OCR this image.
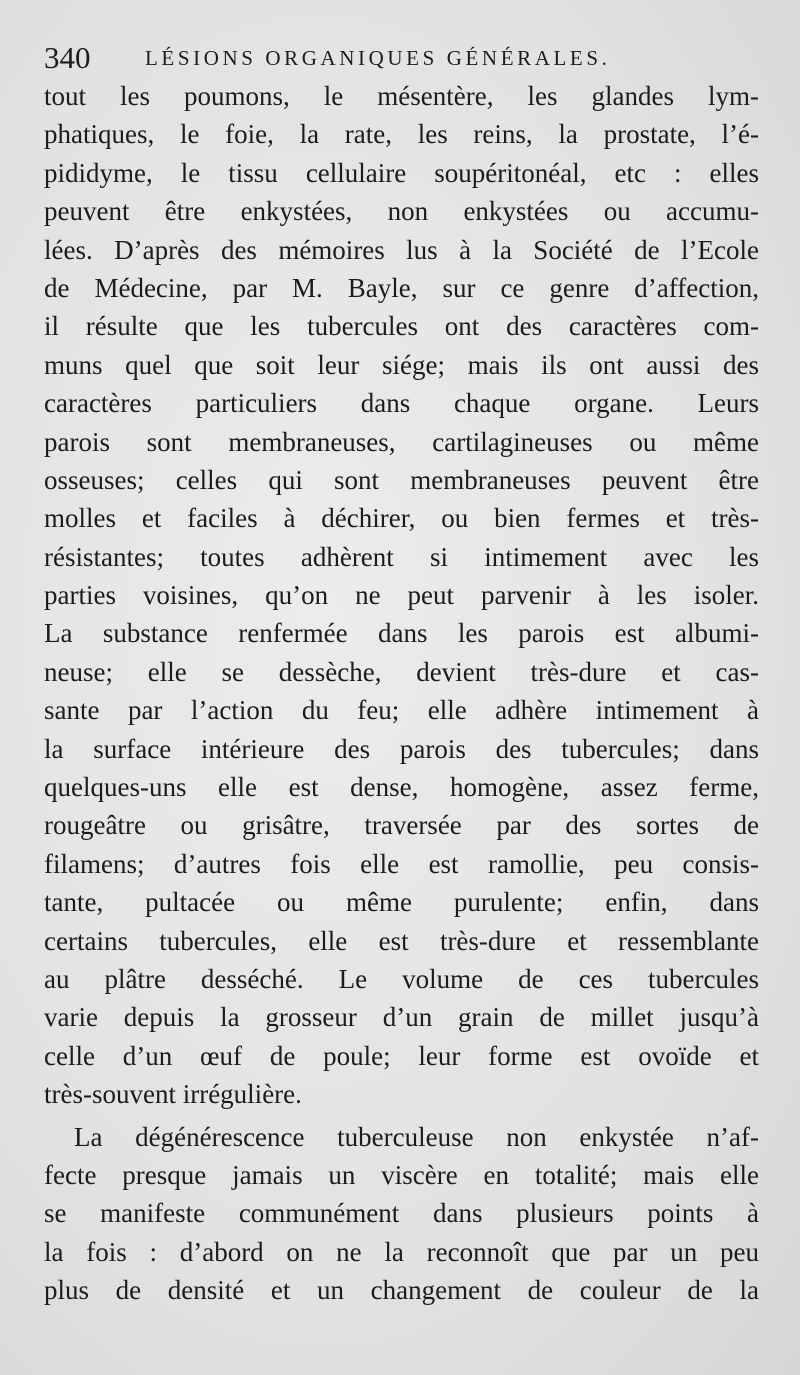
340	LÉSIONS ORGANIQUES GÉNÉRALES.
tout les poumons, le mésentère, les glandes lym-
phatiques, le foie, la rate, les reins, la prostate, l’é-
pididyme, le tissu cellulaire soupéritonéal, etc : elles
peuvent être enkystées, non enkystées ou accumu-
lées. D’après des mémoires lus à la Société de l’Ecole
de Médecine, par M. Bayle, sur ce genre d’affection,
il résulte que les tubercules ont des caractères com-
muns quel que soit leur siége; mais ils ont aussi des
caractères particuliers dans chaque organe. Leurs
parois sont membraneuses, cartilagineuses ou même
osseuses; celles qui sont membraneuses peuvent être
molles et faciles à déchirer, ou bien fermes et très-
résistantes; toutes adhèrent si intimement avec les
parties voisines, qu’on ne peut parvenir à les isoler.
La substance renfermée dans les parois est albumi-
neuse; elle se dessèche, devient très-dure et cas-
sante par l’action du feu; elle adhère intimement à
la surface intérieure des parois des tubercules; dans
quelques-uns elle est dense, homogène, assez ferme,
rougeâtre ou grisâtre, traversée par des sortes de
filamens; d’autres fois elle est ramollie, peu consis-
tante, pultacée ou même purulente; enfin, dans
certains tubercules, elle est très-dure et ressemblante
au plâtre desséché. Le volume de ces tubercules
varie depuis la grosseur d’un grain de millet jusqu’à
celle d’un œuf de poule; leur forme est ovoïde et
très-souvent irrégulière.
La dégénérescence tuberculeuse non enkystée n’af-
fecte presque jamais un viscère en totalité; mais elle
se manifeste communément dans plusieurs points à
la fois : d’abord on ne la reconnoît que par un peu
plus de densité et un changement de couleur de la
